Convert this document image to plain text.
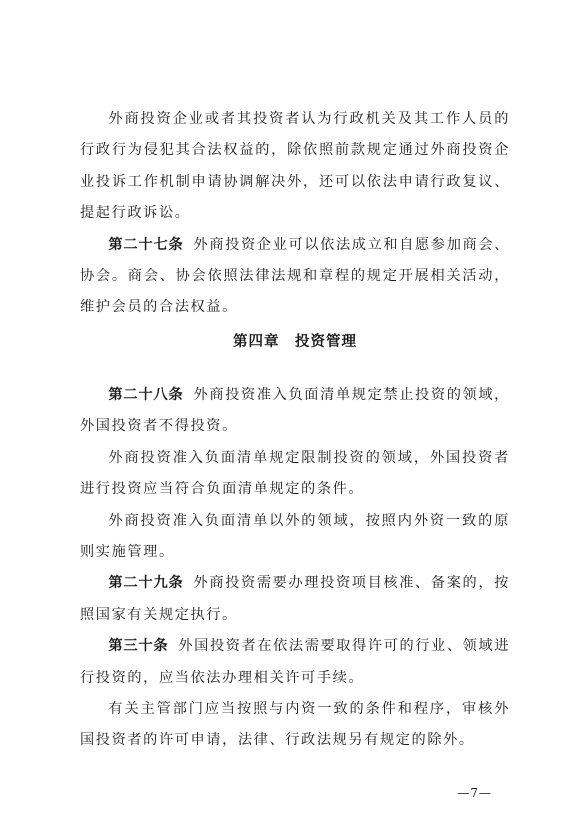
外商投资企业或者其投资者认为行政机关及其工作人员的行政行为侵犯其合法权益的，除依照前款规定通过外商投资企业投诉工作机制申请协调解决外，还可以依法申请行政复议、提起行政诉讼。

第二十七条 外商投资企业可以依法成立和自愿参加商会、协会。商会、协会依照法律法规和章程的规定开展相关活动，维护会员的合法权益。

第四章　投资管理

第二十八条 外商投资准入负面清单规定禁止投资的领域，外国投资者不得投资。

外商投资准入负面清单规定限制投资的领域，外国投资者进行投资应当符合负面清单规定的条件。

外商投资准入负面清单以外的领域，按照内外资一致的原则实施管理。

第二十九条 外商投资需要办理投资项目核准、备案的，按照国家有关规定执行。

第三十条 外国投资者在依法需要取得许可的行业、领域进行投资的，应当依法办理相关许可手续。

有关主管部门应当按照与内资一致的条件和程序，审核外国投资者的许可申请，法律、行政法规另有规定的除外。

—7—
